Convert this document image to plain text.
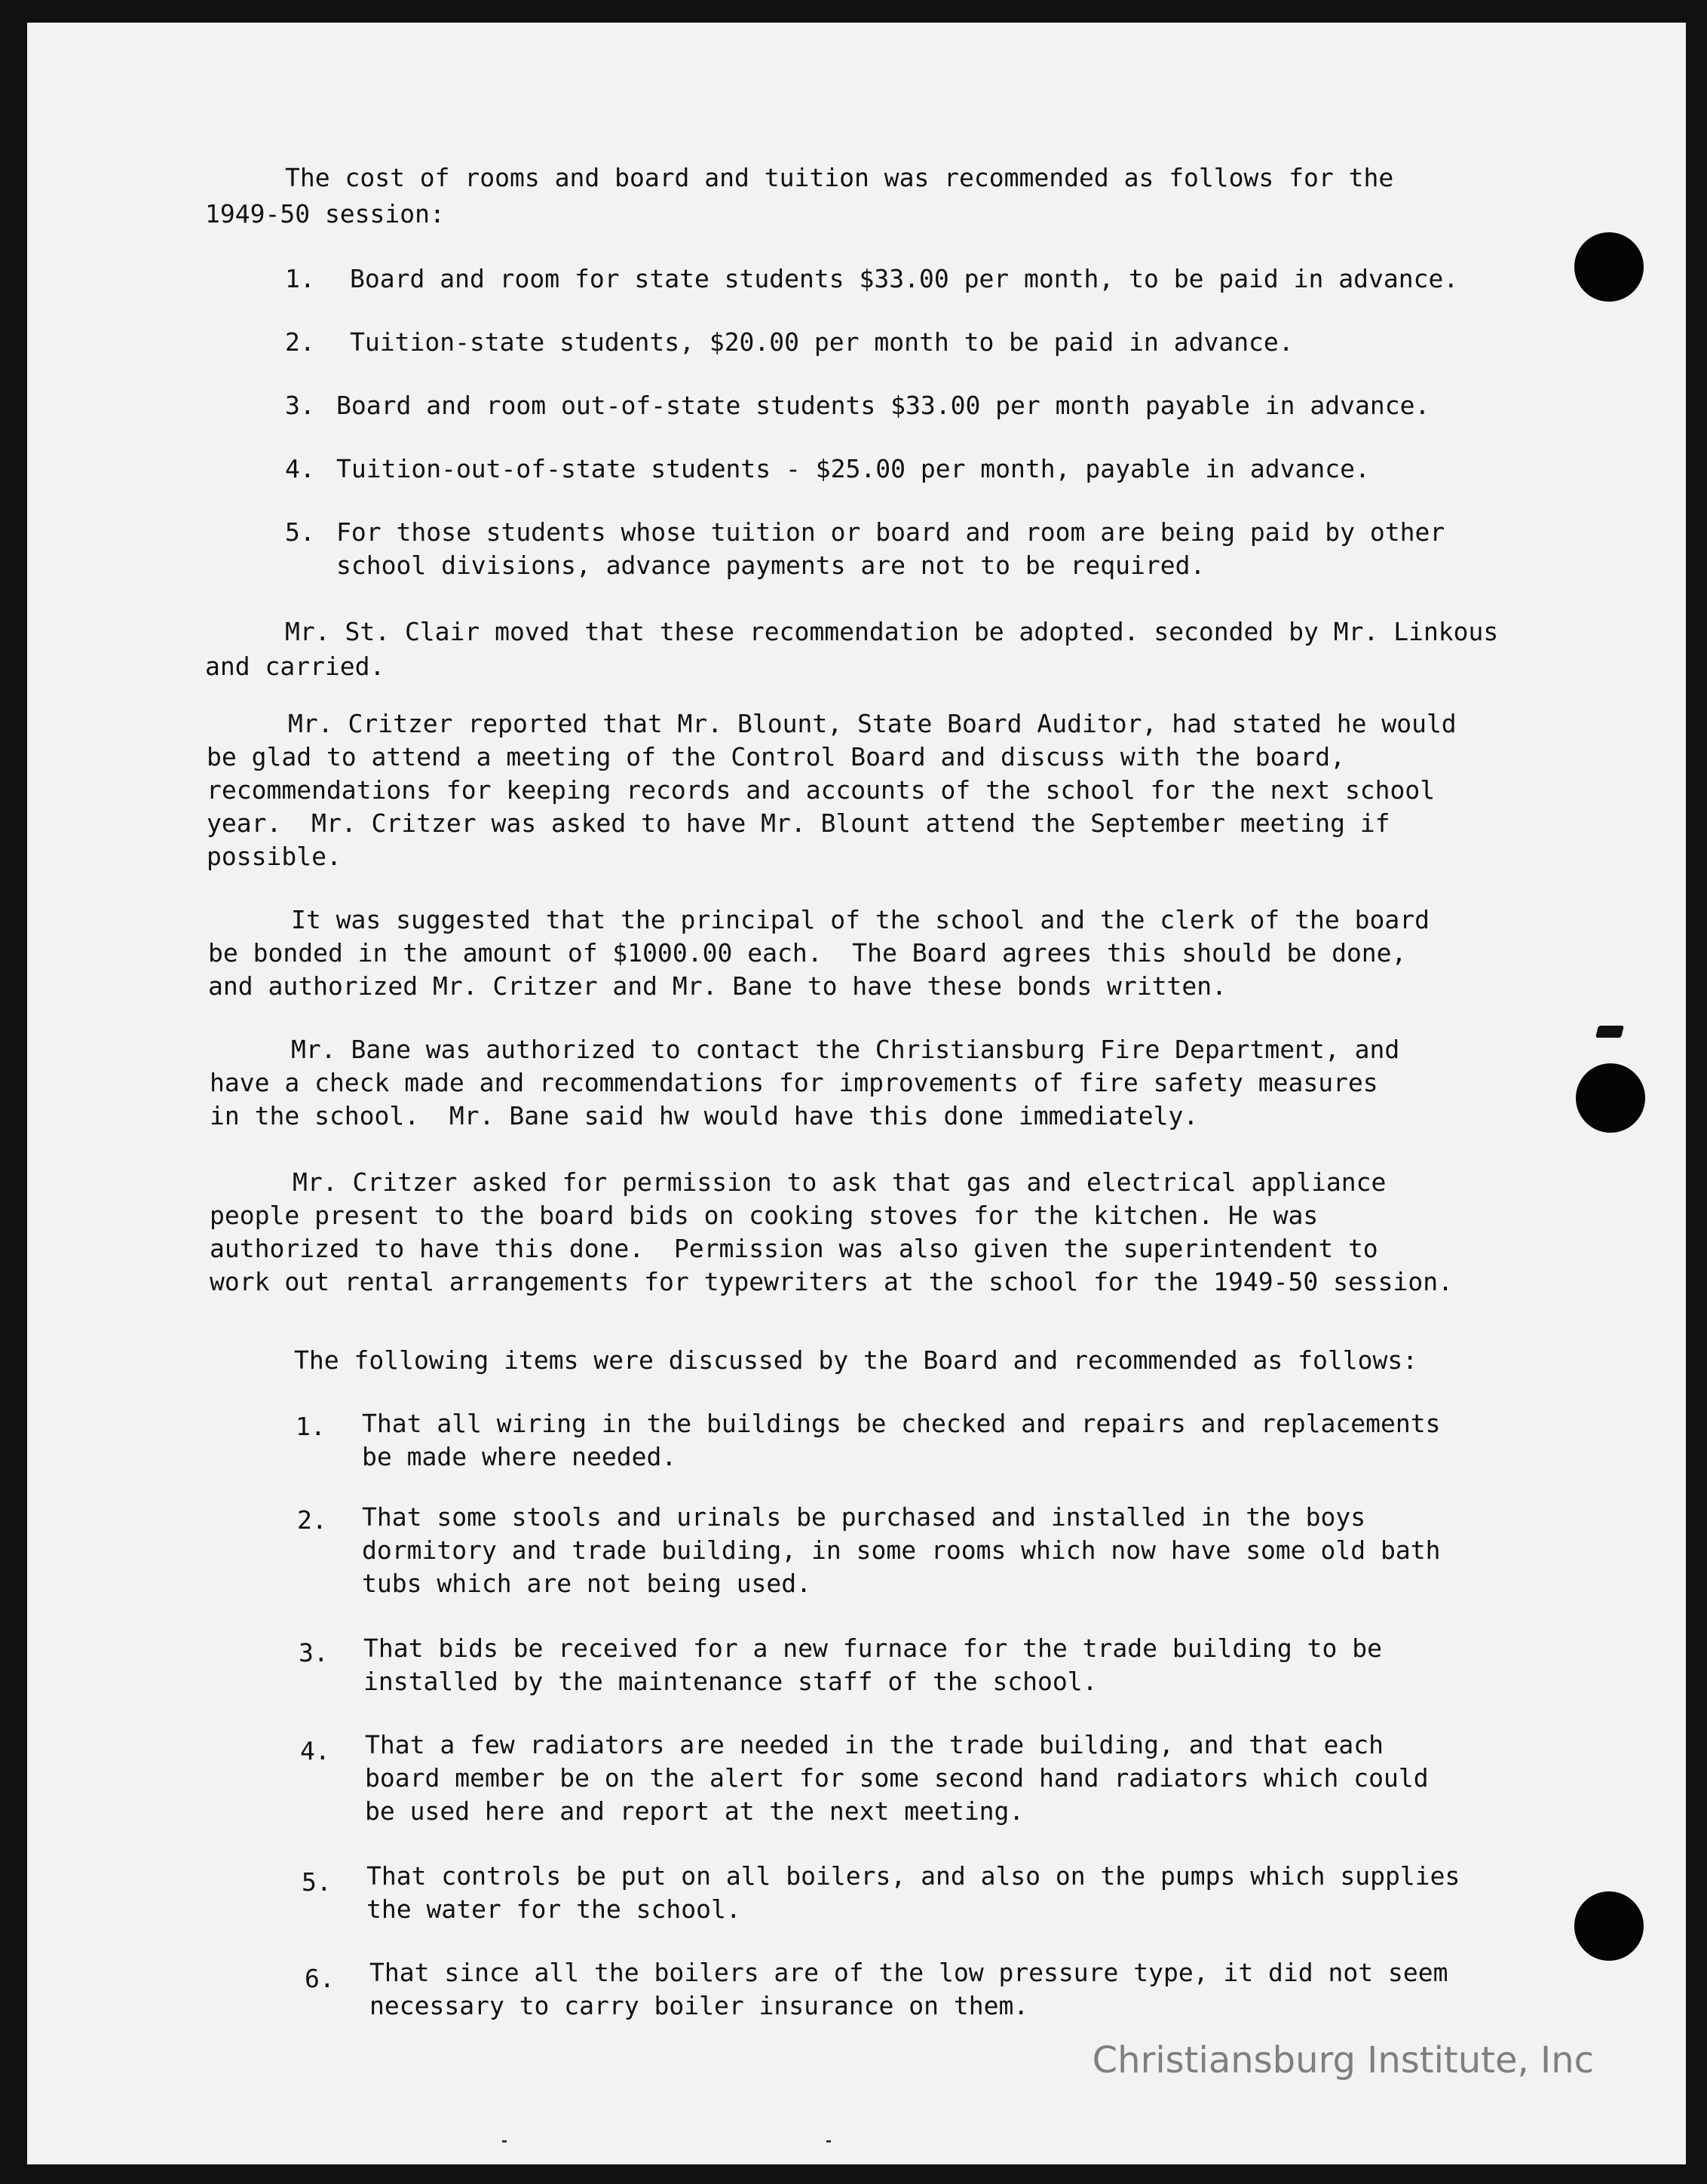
The cost of rooms and board and tuition was recommended as follows for the
1949-50 session:
1. Board and room for state students $33.00 per month, to be paid in advance.
2. Tuition-state students, $20.00 per month to be paid in advance.
3. Board and room out-of-state students $33.00 per month payable in advance.
4. Tuition-out-of-state students - $25.00 per month, payable in advance.
5. For those students whose tuition or board and room are being paid by other
school divisions, advance payments are not to be required.
Mr. St. Clair moved that these recommendation be adopted. seconded by Mr. Linkous
and carried.
Mr. Critzer reported that Mr. Blount, State Board Auditor, had stated he would
be glad to attend a meeting of the Control Board and discuss with the board,
recommendations for keeping records and accounts of the school for the next school
year.  Mr. Critzer was asked to have Mr. Blount attend the September meeting if
possible.
It was suggested that the principal of the school and the clerk of the board
be bonded in the amount of $1000.00 each.  The Board agrees this should be done,
and authorized Mr. Critzer and Mr. Bane to have these bonds written.
Mr. Bane was authorized to contact the Christiansburg Fire Department, and
have a check made and recommendations for improvements of fire safety measures
in the school.  Mr. Bane said hw would have this done immediately.
Mr. Critzer asked for permission to ask that gas and electrical appliance
people present to the board bids on cooking stoves for the kitchen. He was
authorized to have this done.  Permission was also given the superintendent to
work out rental arrangements for typewriters at the school for the 1949-50 session.
The following items were discussed by the Board and recommended as follows:
1. That all wiring in the buildings be checked and repairs and replacements
be made where needed.
2. That some stools and urinals be purchased and installed in the boys
dormitory and trade building, in some rooms which now have some old bath
tubs which are not being used.
3. That bids be received for a new furnace for the trade building to be
installed by the maintenance staff of the school.
4. That a few radiators are needed in the trade building, and that each
board member be on the alert for some second hand radiators which could
be used here and report at the next meeting.
5. That controls be put on all boilers, and also on the pumps which supplies
the water for the school.
6. That since all the boilers are of the low pressure type, it did not seem
necessary to carry boiler insurance on them.
Christiansburg Institute, Inc
